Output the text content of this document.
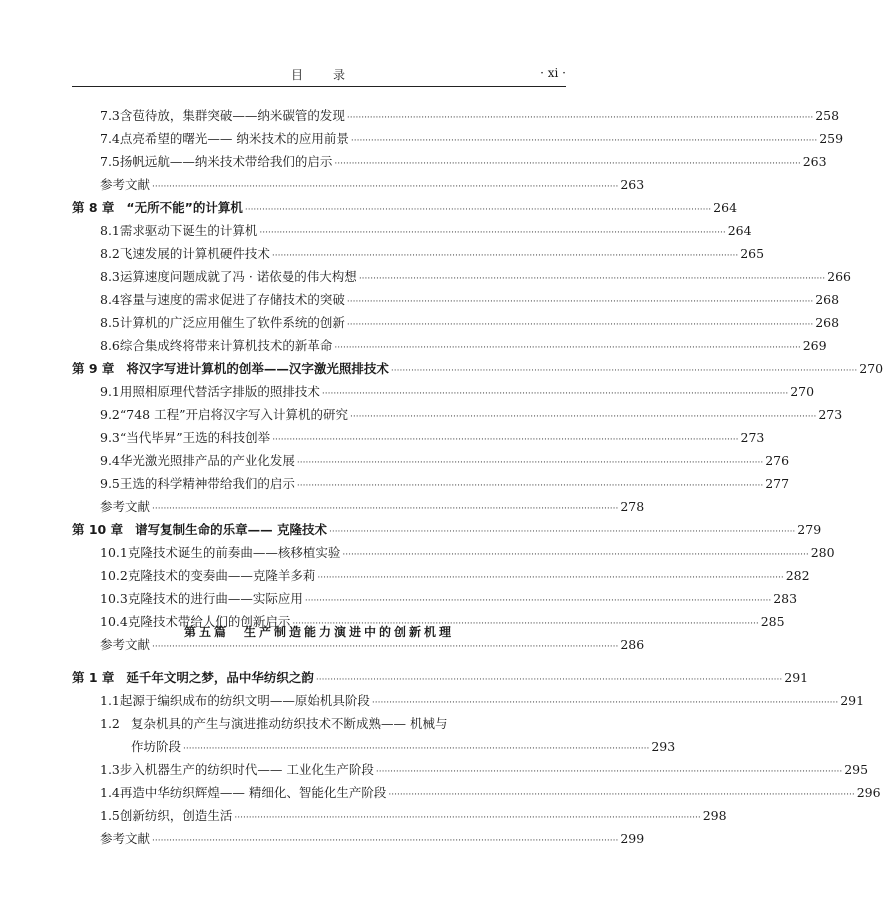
目　　录	· xi ·
7.3 含苞待放，集群突破——纳米碳管的发现 ·····	258
7.4 点亮希望的曙光—— 纳米技术的应用前景 ·····	259
7.5 扬帆远航——纳米技术带给我们的启示 ·····	263
参考文献 ·····	263
第 8 章 “无所不能”的计算机 ·····	264
8.1 需求驱动下诞生的计算机 ·····	264
8.2 飞速发展的计算机硬件技术 ·····	265
8.3 运算速度问题成就了冯 · 诺依曼的伟大构想 ·····	266
8.4 容量与速度的需求促进了存储技术的突破 ·····	268
8.5 计算机的广泛应用催生了软件系统的创新 ·····	268
8.6 综合集成终将带来计算机技术的新革命 ·····	269
第 9 章 将汉字写进计算机的创举——汉字激光照排技术 ·····	270
9.1 用照相原理代替活字排版的照排技术 ·····	270
9.2 “748 工程”开启将汉字写入计算机的研究 ·····	273
9.3 “当代毕昇”王选的科技创举 ·····	273
9.4 华光激光照排产品的产业化发展 ·····	276
9.5 王选的科学精神带给我们的启示 ·····	277
参考文献 ·····	278
第 10 章 谱写复制生命的乐章—— 克隆技术 ·····	279
10.1 克隆技术诞生的前奏曲——核移植实验 ·····	280
10.2 克隆技术的变奏曲——克隆羊多莉 ·····	282
10.3 克隆技术的进行曲——实际应用 ·····	283
10.4 克隆技术带给人们的创新启示 ·····	285
参考文献 ·····	286
第五篇　生产制造能力演进中的创新机理
第 1 章 延千年文明之梦，品中华纺织之韵 ·····	291
1.1 起源于编织成布的纺织文明——原始机具阶段 ·····	291
1.2 复杂机具的产生与演进推动纺织技术不断成熟—— 机械与
作坊阶段 ·····	293
1.3 步入机器生产的纺织时代—— 工业化生产阶段 ·····	295
1.4 再造中华纺织辉煌—— 精细化、智能化生产阶段 ·····	296
1.5 创新纺织，创造生活 ·····	298
参考文献 ·····	299
